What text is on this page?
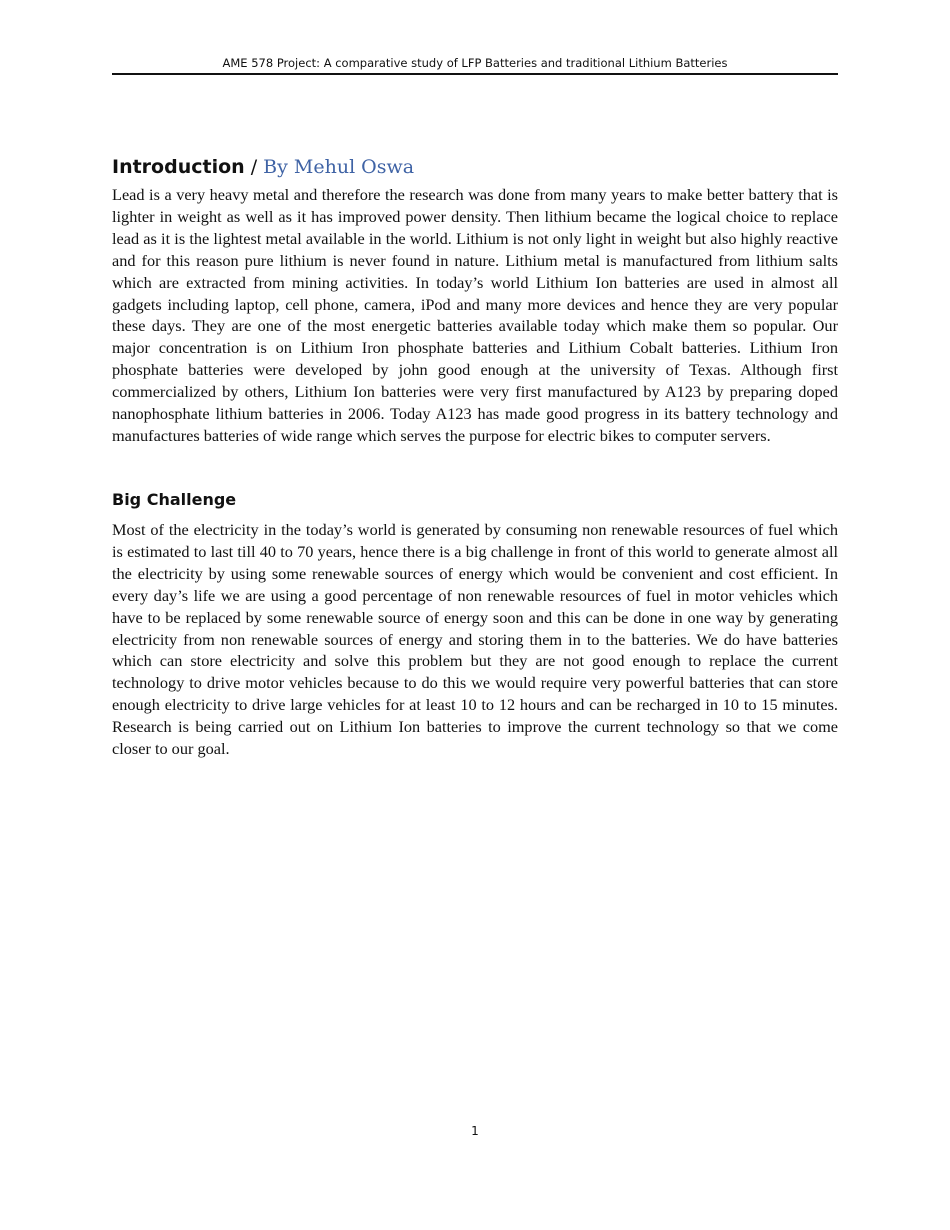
AME 578 Project: A comparative study of LFP Batteries and traditional Lithium Batteries
Introduction / By Mehul Oswa

Lead is a very heavy metal and therefore the research was done from many years to make better battery that is lighter in weight as well as it has improved power density. Then lithium became the logical choice to replace lead as it is the lightest metal available in the world. Lithium is not only light in weight but also highly reactive and for this reason pure lithium is never found in nature. Lithium metal is manufactured from lithium salts which are extracted from mining activities. In today’s world Lithium Ion batteries are used in almost all gadgets including laptop, cell phone, camera, iPod and many more devices and hence they are very popular these days. They are one of the most energetic batteries available today which make them so popular. Our major concentration is on Lithium Iron phosphate batteries and Lithium Cobalt batteries. Lithium Iron phosphate batteries were developed by john good enough at the university of Texas. Although first commercialized by others, Lithium Ion batteries were very first manufactured by A123 by preparing doped nanophosphate lithium batteries in 2006. Today A123 has made good progress in its battery technology and manufactures batteries of wide range which serves the purpose for electric bikes to computer servers.

Big Challenge

Most of the electricity in the today’s world is generated by consuming non renewable resources of fuel which is estimated to last till 40 to 70 years, hence there is a big challenge in front of this world to generate almost all the electricity by using some renewable sources of energy which would be convenient and cost efficient. In every day’s life we are using a good percentage of non renewable resources of fuel in motor vehicles which have to be replaced by some renewable source of energy soon and this can be done in one way by generating electricity from non renewable sources of energy and storing them in to the batteries. We do have batteries which can store electricity and solve this problem but they are not good enough to replace the current technology to drive motor vehicles because to do this we would require very powerful batteries that can store enough electricity to drive large vehicles for at least 10 to 12 hours and can be recharged in 10 to 15 minutes. Research is being carried out on Lithium Ion batteries to improve the current technology so that we come closer to our goal.

1
